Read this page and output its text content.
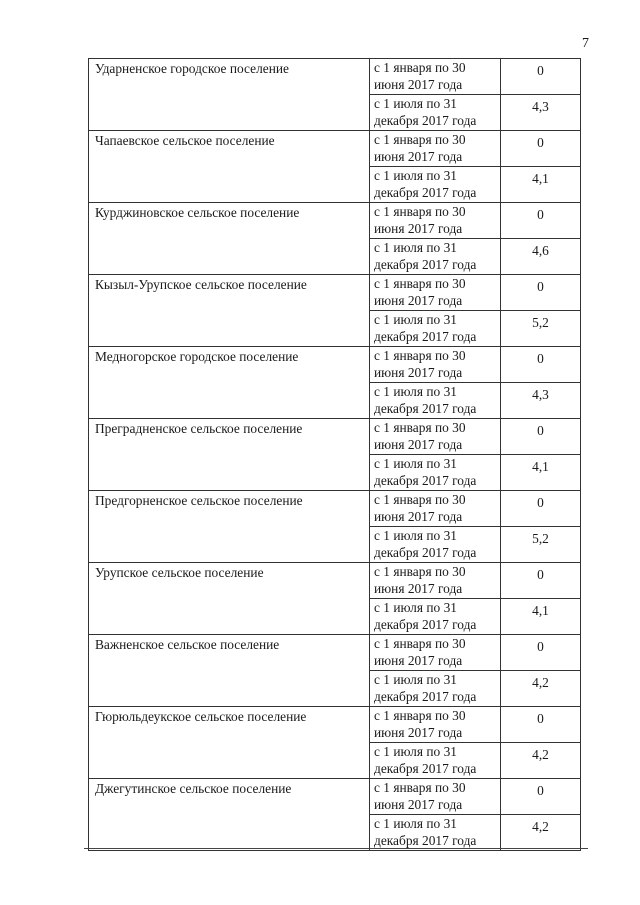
7
Ударненское городское поселение	с 1 января по 30
июня 2017 года	0

	с 1 июля по 31
декабря 2017 года	4,3

Чапаевское сельское поселение	с 1 января по 30
июня 2017 года	0

	с 1 июля по 31
декабря 2017 года	4,1

Курджиновское сельское поселение	с 1 января по 30
июня 2017 года	0

	с 1 июля по 31
декабря 2017 года	4,6

Кызыл-Урупское сельское поселение	с 1 января по 30
июня 2017 года	0

	с 1 июля по 31
декабря 2017 года	5,2

Медногорское городское поселение	с 1 января по 30
июня 2017 года	0

	с 1 июля по 31
декабря 2017 года	4,3

Преградненское сельское поселение	с 1 января по 30
июня 2017 года	0

	с 1 июля по 31
декабря 2017 года	4,1

Предгорненское сельское поселение	с 1 января по 30
июня 2017 года	0

	с 1 июля по 31
декабря 2017 года	5,2

Урупское сельское поселение	с 1 января по 30
июня 2017 года	0

	с 1 июля по 31
декабря 2017 года	4,1

Важненское сельское поселение	с 1 января по 30
июня 2017 года	0

	с 1 июля по 31
декабря 2017 года	4,2

Гюрюльдеукское сельское поселение	с 1 января по 30
июня 2017 года	0

	с 1 июля по 31
декабря 2017 года	4,2

Джегутинское сельское поселение	с 1 января по 30
июня 2017 года	0

	с 1 июля по 31
декабря 2017 года	4,2
